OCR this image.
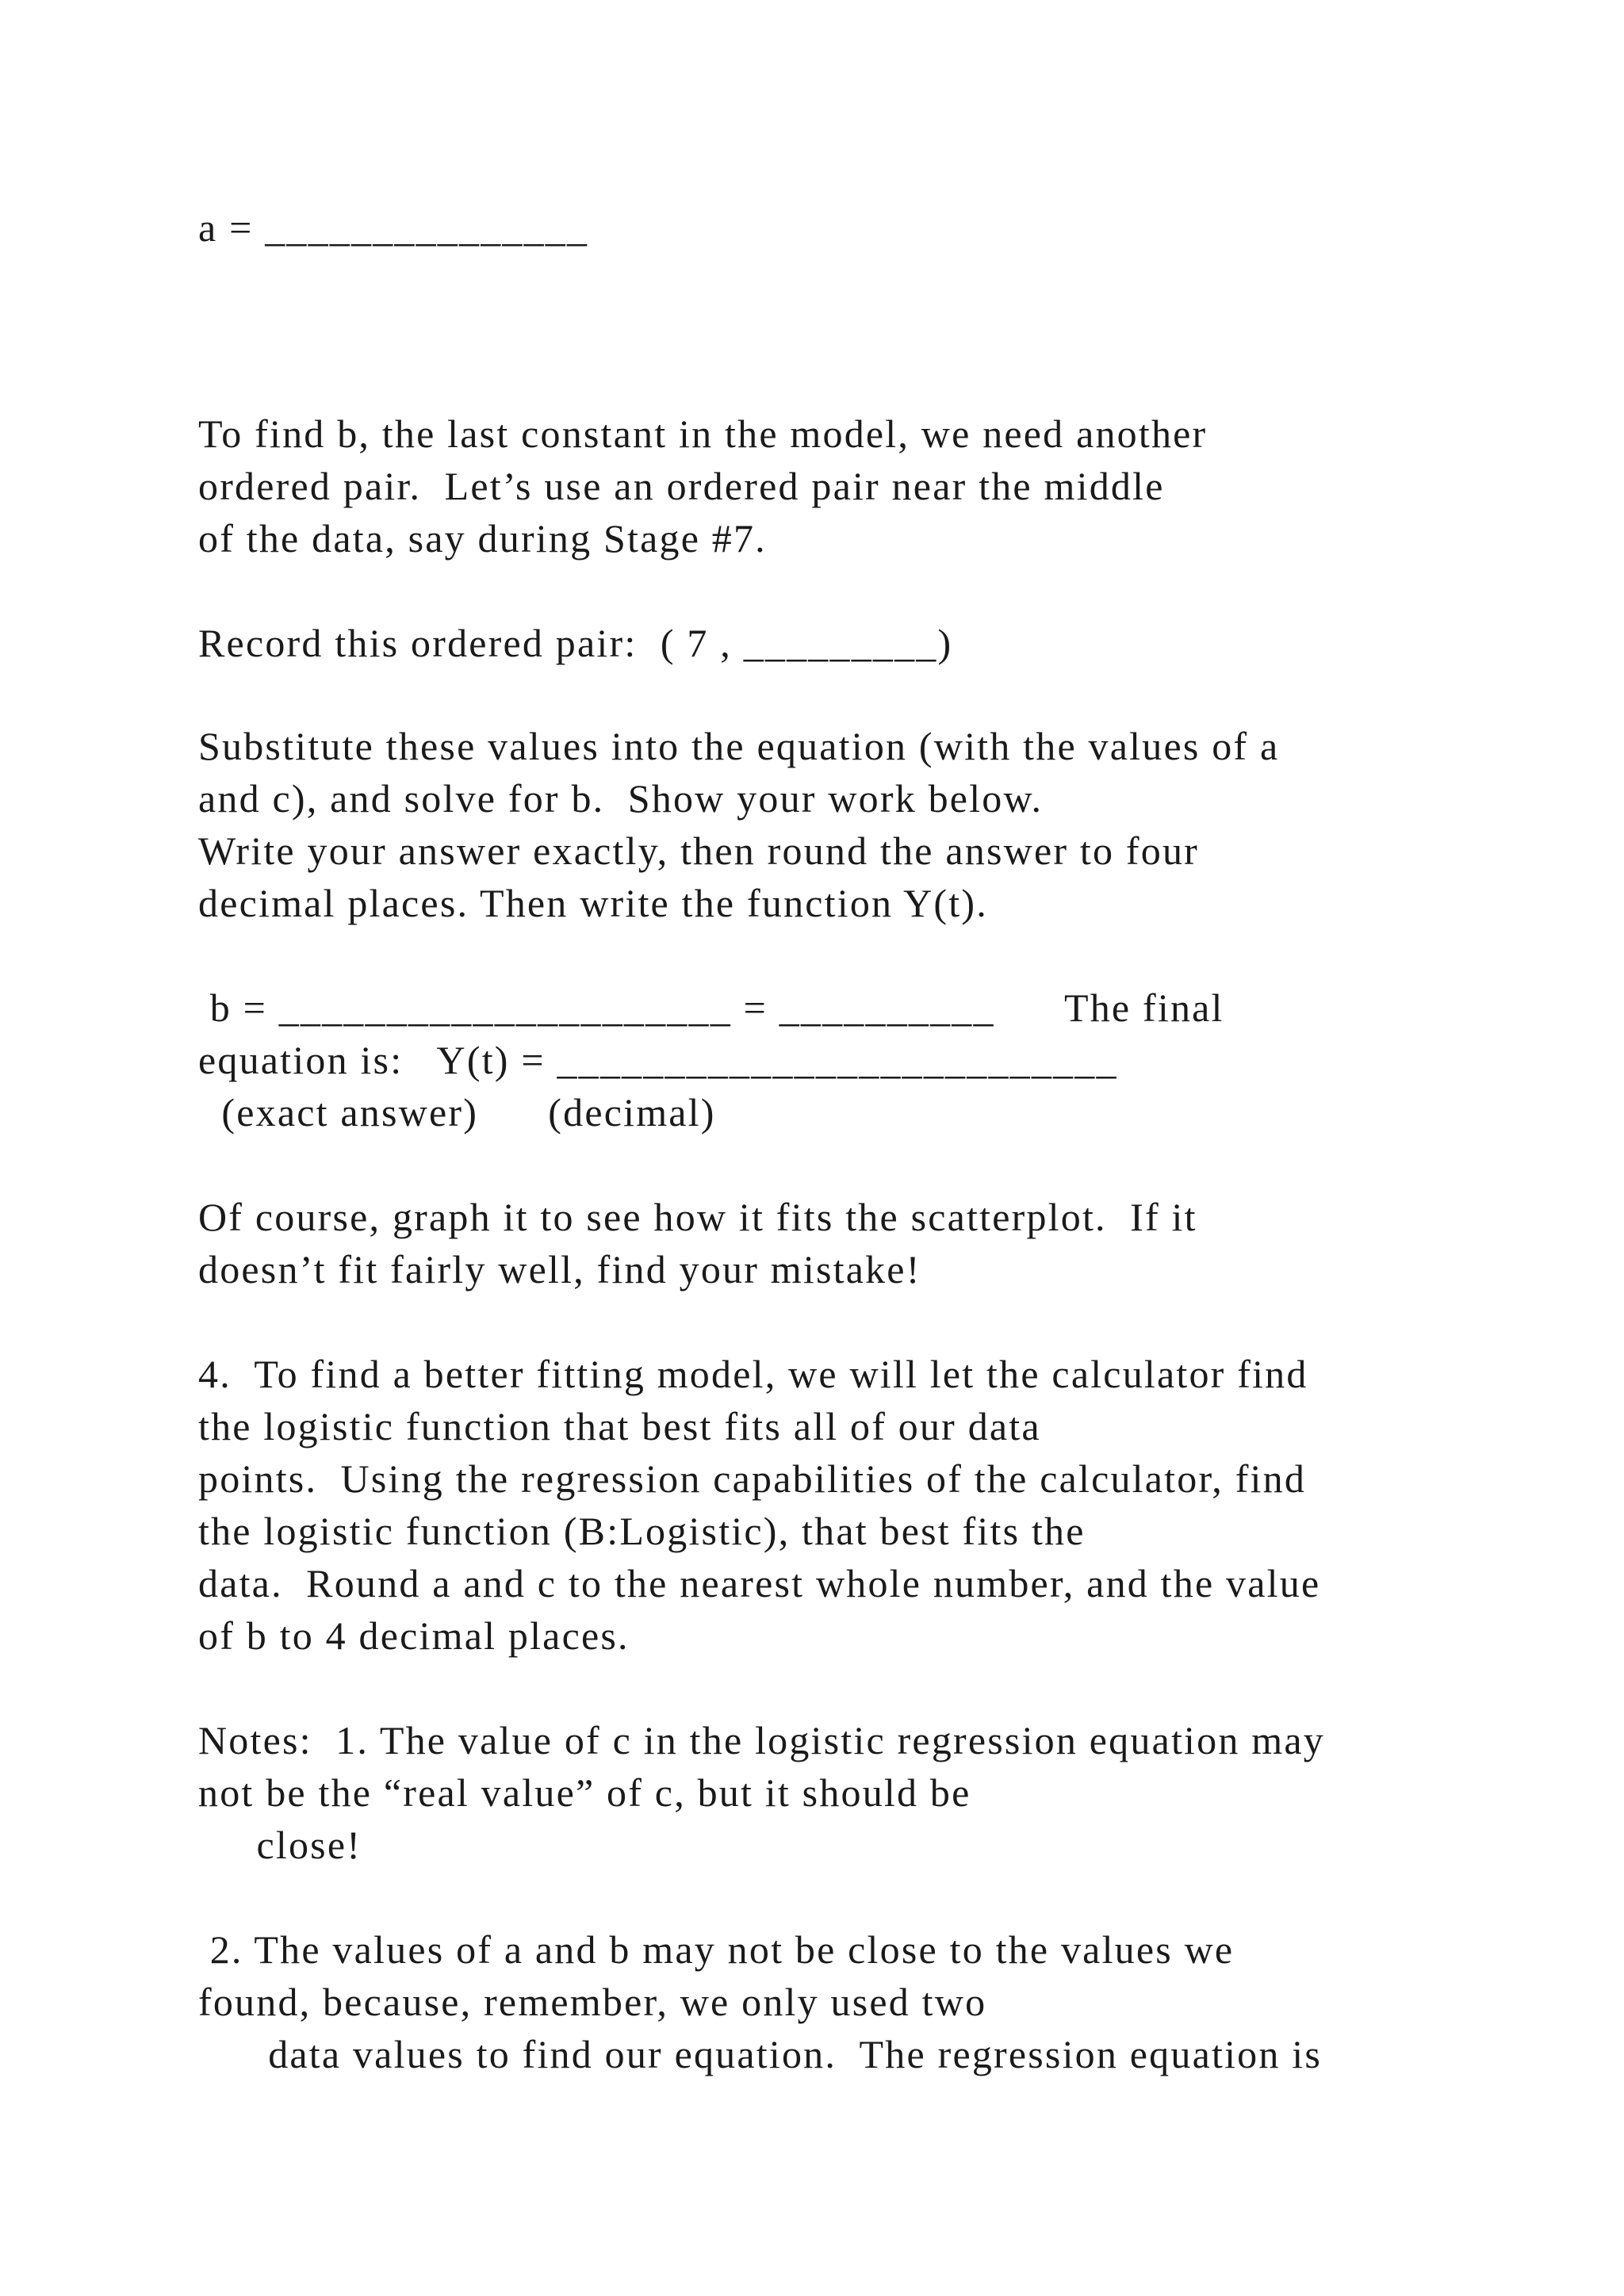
a = _______________

To find b, the last constant in the model, we need another

ordered pair.  Let’s use an ordered pair near the middle

of the data, say during Stage #7.

Record this ordered pair:  ( 7 , _________)

Substitute these values into the equation (with the values of a

and c), and solve for b.  Show your work below.

Write your answer exactly, then round the answer to four

decimal places. Then write the function Y(t).

b = _____________________ = __________      The final

equation is:   Y(t) = __________________________

(exact answer)      (decimal)

Of course, graph it to see how it fits the scatterplot.  If it

doesn’t fit fairly well, find your mistake!

4.  To find a better fitting model, we will let the calculator find

the logistic function that best fits all of our data

points.  Using the regression capabilities of the calculator, find

the logistic function (B:Logistic), that best fits the

data.  Round a and c to the nearest whole number, and the value

of b to 4 decimal places.

Notes:  1. The value of c in the logistic regression equation may

not be the “real value” of c, but it should be

close!

2. The values of a and b may not be close to the values we

found, because, remember, we only used two

data values to find our equation.  The regression equation is
